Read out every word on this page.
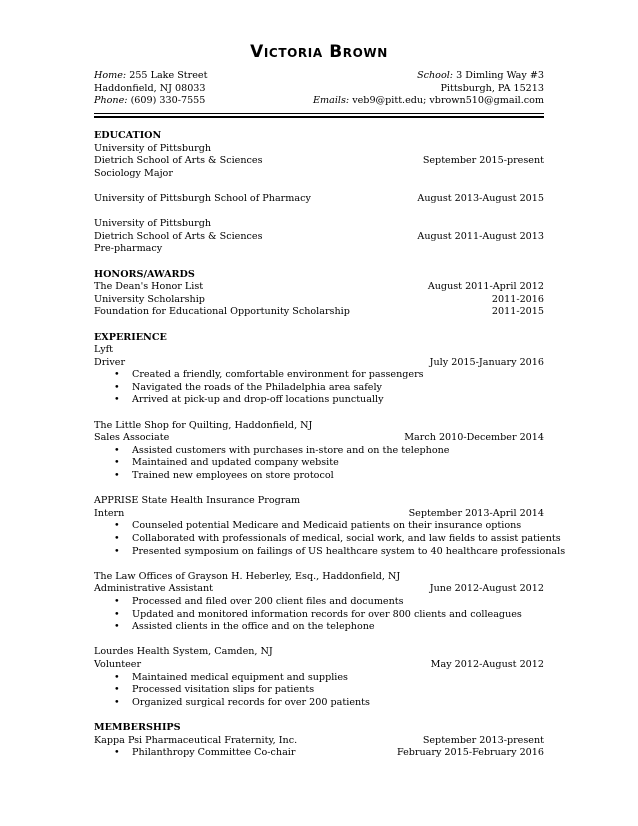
Victoria Brown
Home: 255 Lake Street	School: 3 Dimling Way #3
Haddonfield, NJ 08033	Pittsburgh, PA 15213
Phone: (609) 330-7555	Emails: veb9@pitt.edu; vbrown510@gmail.com
EDUCATION
University of Pittsburgh
Dietrich School of Arts & Sciences	September 2015-present
Sociology Major
University of Pittsburgh School of Pharmacy	August 2013-August 2015
University of Pittsburgh
Dietrich School of Arts & Sciences	August 2011-August 2013
Pre-pharmacy
HONORS/AWARDS
The Dean's Honor List	August 2011-April 2012
University Scholarship	2011-2016
Foundation for Educational Opportunity Scholarship	2011-2015
EXPERIENCE
Lyft
Driver	July 2015-January 2016
• Created a friendly, comfortable environment for passengers
• Navigated the roads of the Philadelphia area safely
• Arrived at pick-up and drop-off locations punctually
The Little Shop for Quilting, Haddonfield, NJ
Sales Associate	March 2010-December 2014
• Assisted customers with purchases in-store and on the telephone
• Maintained and updated company website
• Trained new employees on store protocol
APPRISE State Health Insurance Program
Intern	September 2013-April 2014
• Counseled potential Medicare and Medicaid patients on their insurance options
• Collaborated with professionals of medical, social work, and law fields to assist patients
• Presented symposium on failings of US healthcare system to 40 healthcare professionals
The Law Offices of Grayson H. Heberley, Esq., Haddonfield, NJ
Administrative Assistant	June 2012-August 2012
• Processed and filed over 200 client files and documents
• Updated and monitored information records for over 800 clients and colleagues
• Assisted clients in the office and on the telephone
Lourdes Health System, Camden, NJ
Volunteer	May 2012-August 2012
• Maintained medical equipment and supplies
• Processed visitation slips for patients
• Organized surgical records for over 200 patients
MEMBERSHIPS
Kappa Psi Pharmaceutical Fraternity, Inc.	September 2013-present
• Philanthropy Committee Co-chair	February 2015-February 2016
